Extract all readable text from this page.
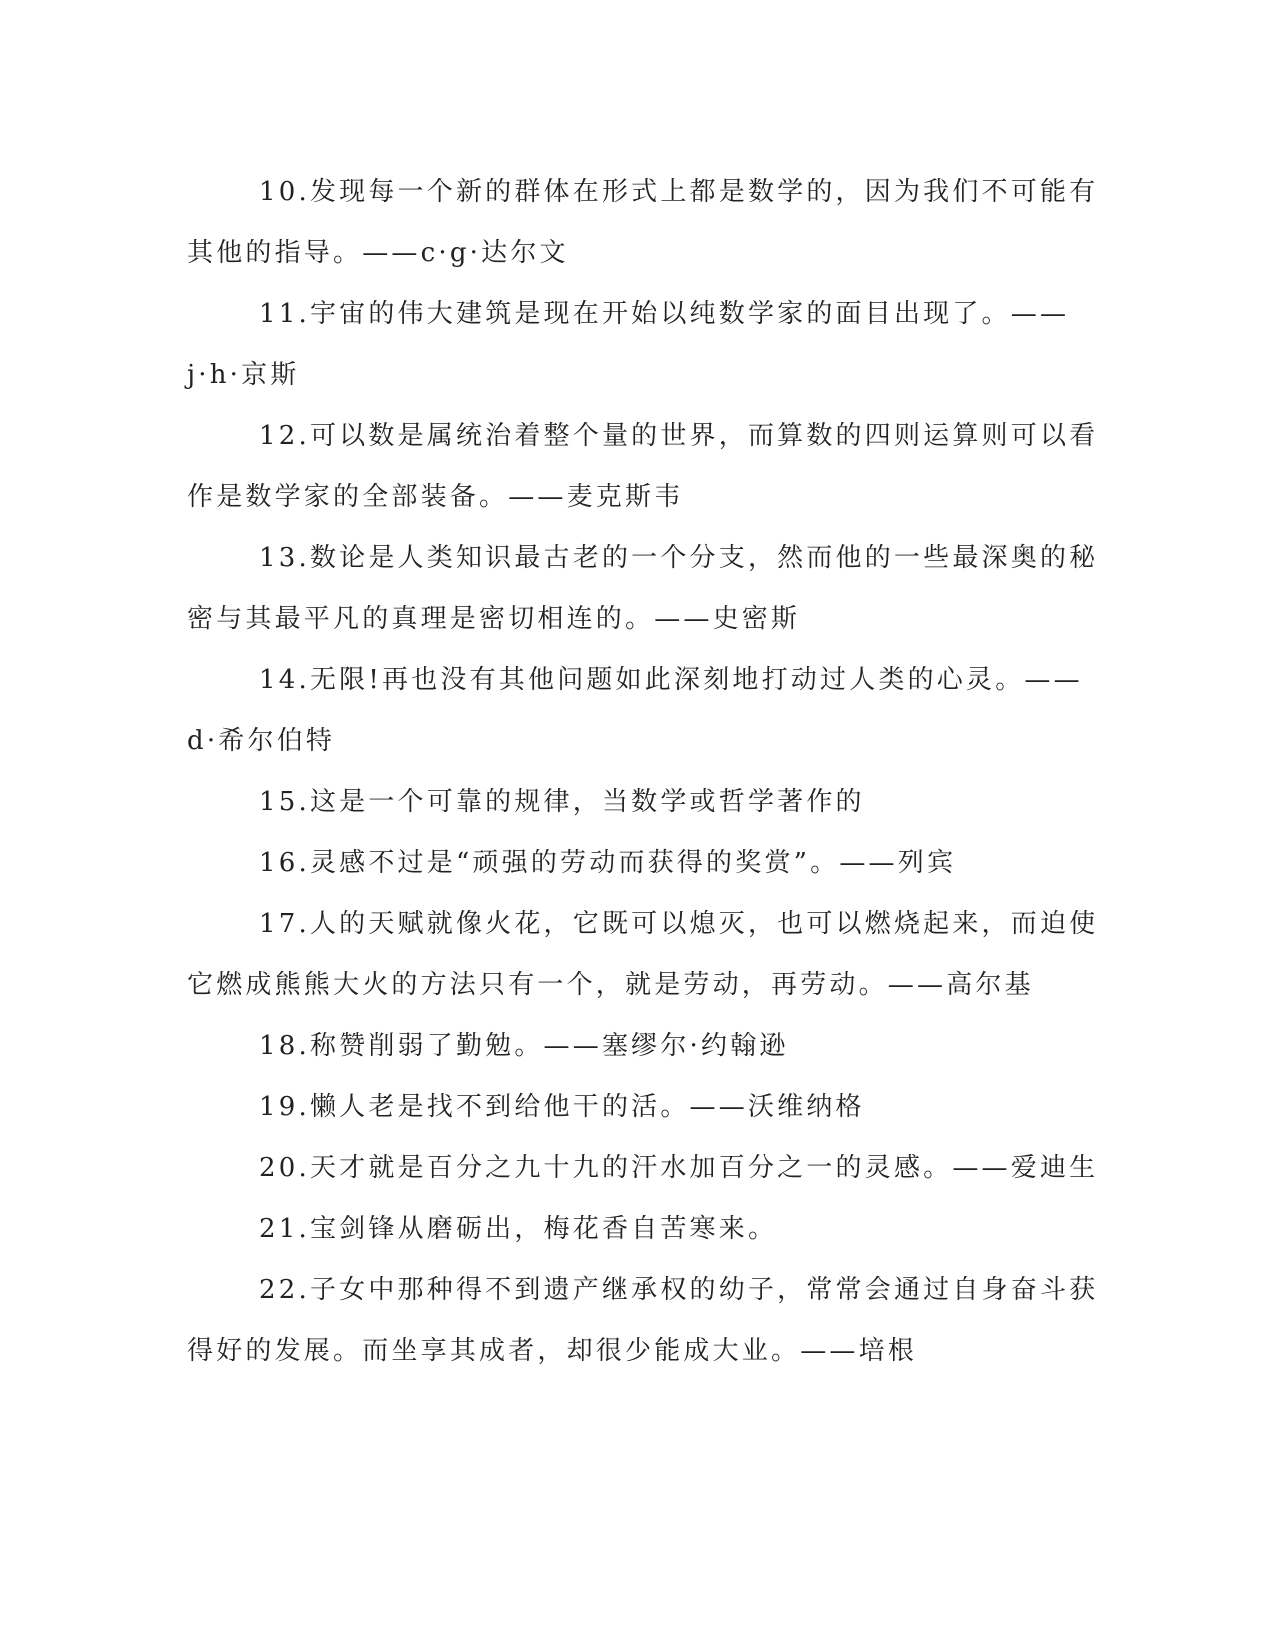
10.发现每一个新的群体在形式上都是数学的，因为我们不可能有
其他的指导。——c·g·达尔文

11.宇宙的伟大建筑是现在开始以纯数学家的面目出现了。——
j·h·京斯

12.可以数是属统治着整个量的世界，而算数的四则运算则可以看
作是数学家的全部装备。——麦克斯韦

13.数论是人类知识最古老的一个分支，然而他的一些最深奥的秘
密与其最平凡的真理是密切相连的。——史密斯

14.无限!再也没有其他问题如此深刻地打动过人类的心灵。——
d·希尔伯特

15.这是一个可靠的规律，当数学或哲学著作的

16.灵感不过是“顽强的劳动而获得的奖赏”。——列宾

17.人的天赋就像火花，它既可以熄灭，也可以燃烧起来，而迫使
它燃成熊熊大火的方法只有一个，就是劳动，再劳动。——高尔基

18.称赞削弱了勤勉。——塞缪尔·约翰逊

19.懒人老是找不到给他干的活。——沃维纳格

20.天才就是百分之九十九的汗水加百分之一的灵感。——爱迪生

21.宝剑锋从磨砺出，梅花香自苦寒来。

22.子女中那种得不到遗产继承权的幼子，常常会通过自身奋斗获
得好的发展。而坐享其成者，却很少能成大业。——培根
